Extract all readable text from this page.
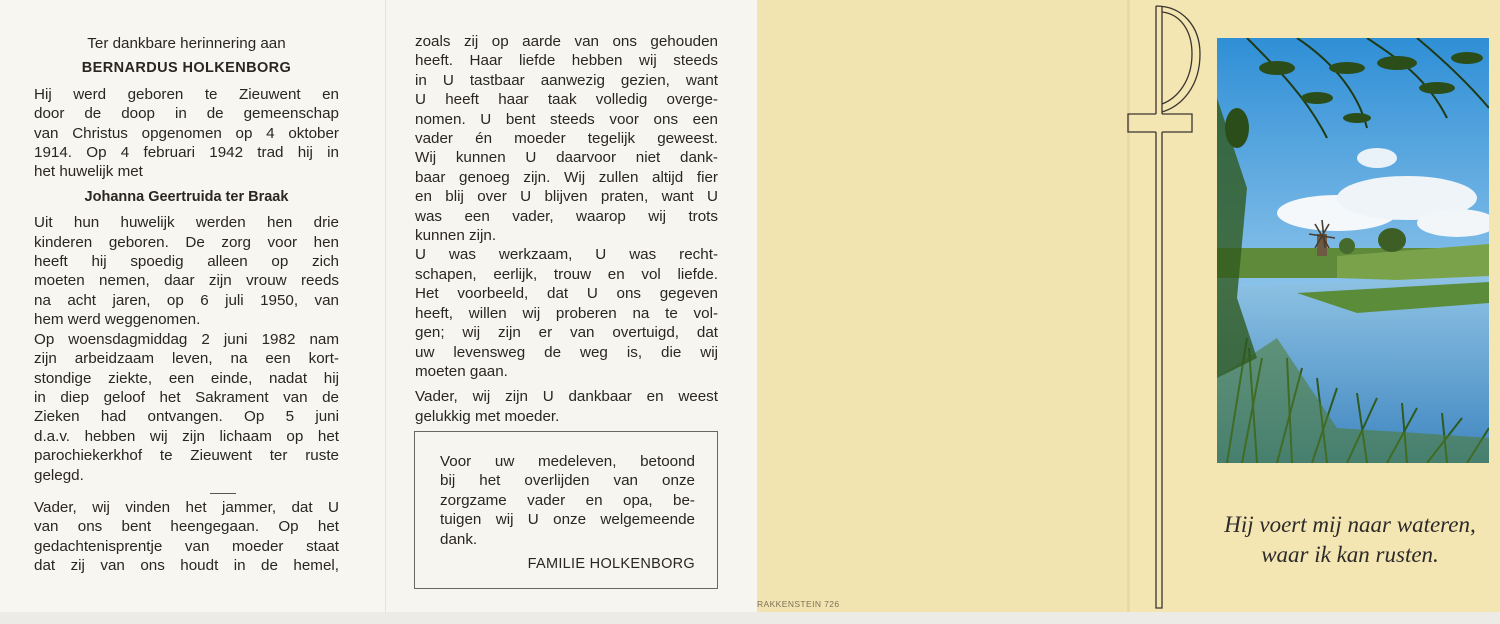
Ter dankbare herinnering aan
BERNARDUS HOLKENBORG
Hij werd geboren te Zieuwent en
door de doop in de gemeenschap
van Christus opgenomen op 4 oktober
1914. Op 4 februari 1942 trad hij in
het huwelijk met
Johanna Geertruida ter Braak
Uit hun huwelijk werden hen drie
kinderen geboren. De zorg voor hen
heeft hij spoedig alleen op zich
moeten nemen, daar zijn vrouw reeds
na acht jaren, op 6 juli 1950, van
hem werd weggenomen.
Op woensdagmiddag 2 juni 1982 nam
zijn arbeidzaam leven, na een kort-
stondige ziekte, een einde, nadat hij
in diep geloof het Sakrament van de
Zieken had ontvangen. Op 5 juni
d.a.v. hebben wij zijn lichaam op het
parochiekerkhof te Zieuwent ter ruste
gelegd.
Vader, wij vinden het jammer, dat U
van ons bent heengegaan. Op het
gedachtenisprentje van moeder staat
dat zij van ons houdt in de hemel,
zoals zij op aarde van ons gehouden
heeft. Haar liefde hebben wij steeds
in U tastbaar aanwezig gezien, want
U heeft haar taak volledig overge-
nomen. U bent steeds voor ons een
vader én moeder tegelijk geweest.
Wij kunnen U daarvoor niet dank-
baar genoeg zijn. Wij zullen altijd fier
en blij over U blijven praten, want U
was een vader, waarop wij trots
kunnen zijn.
U was werkzaam, U was recht-
schapen, eerlijk, trouw en vol liefde.
Het voorbeeld, dat U ons gegeven
heeft, willen wij proberen na te vol-
gen; wij zijn er van overtuigd, dat
uw levensweg de weg is, die wij
moeten gaan.
Vader, wij zijn U dankbaar en weest
gelukkig met moeder.
Voor uw medeleven, betoond
bij het overlijden van onze
zorgzame vader en opa, be-
tuigen wij U onze welgemeende
dank.
FAMILIE HOLKENBORG
RAKKENSTEIN 726
Hij voert mij naar wateren,
waar ik kan rusten.
